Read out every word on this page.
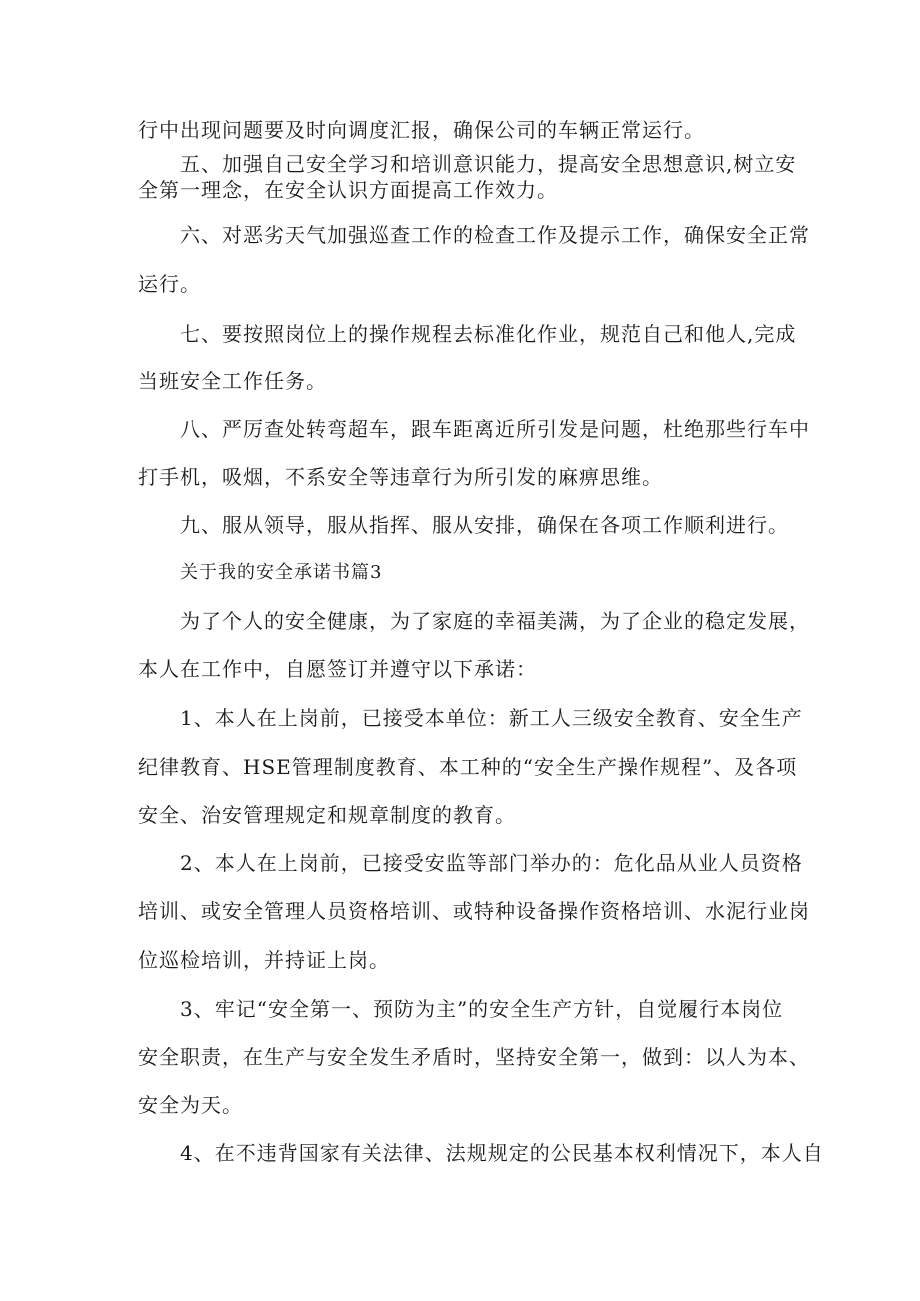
行中出现问题要及时向调度汇报，确保公司的车辆正常运行。
五、加强自己安全学习和培训意识能力，提高安全思想意识,树立安
全第一理念，在安全认识方面提高工作效力。
六、对恶劣天气加强巡查工作的检查工作及提示工作，确保安全正常
运行。
七、要按照岗位上的操作规程去标准化作业，规范自己和他人,完成
当班安全工作任务。
八、严厉查处转弯超车，跟车距离近所引发是问题，杜绝那些行车中
打手机，吸烟，不系安全等违章行为所引发的麻痹思维。
九、服从领导，服从指挥、服从安排，确保在各项工作顺利进行。
关于我的安全承诺书篇3
为了个人的安全健康，为了家庭的幸福美满，为了企业的稳定发展，
本人在工作中，自愿签订并遵守以下承诺：
1、本人在上岗前，已接受本单位：新工人三级安全教育、安全生产
纪律教育、HSE管理制度教育、本工种的“安全生产操作规程”、及各项
安全、治安管理规定和规章制度的教育。
2、本人在上岗前，已接受安监等部门举办的：危化品从业人员资格
培训、或安全管理人员资格培训、或特种设备操作资格培训、水泥行业岗
位巡检培训，并持证上岗。
3、牢记“安全第一、预防为主”的安全生产方针，自觉履行本岗位
安全职责，在生产与安全发生矛盾时，坚持安全第一，做到：以人为本、
安全为天。
4、在不违背国家有关法律、法规规定的公民基本权利情况下，本人自
